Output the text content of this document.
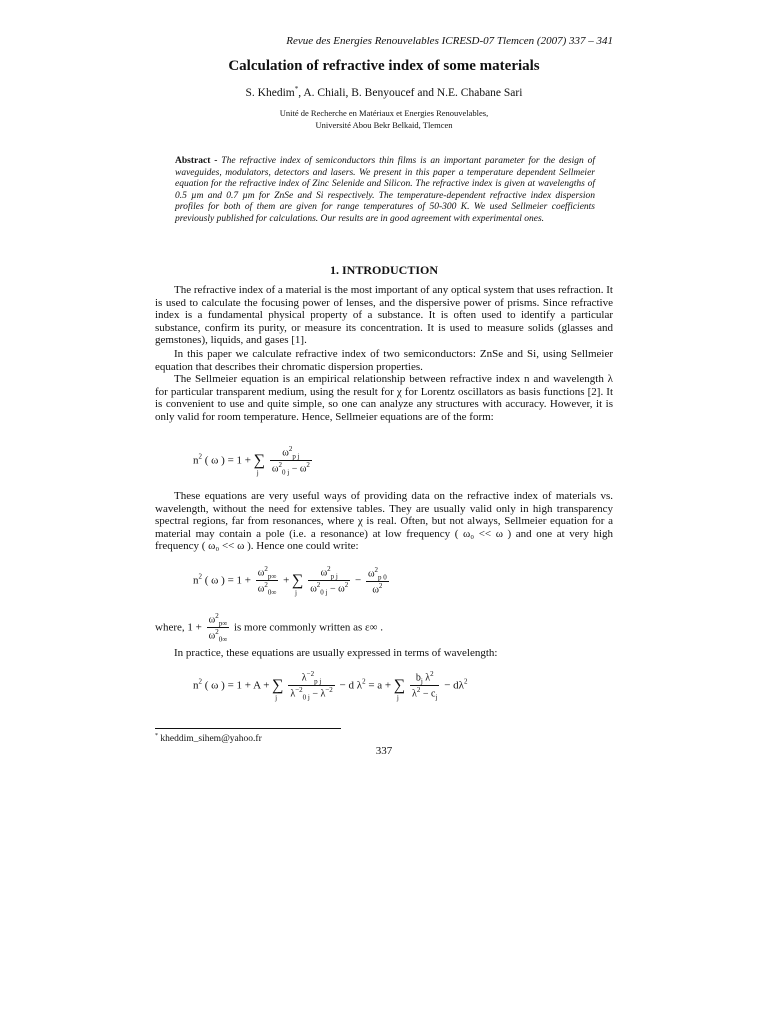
Revue des Energies Renouvelables ICRESD-07 Tlemcen (2007) 337 – 341
Calculation of refractive index of some materials
S. Khedim*, A. Chiali, B. Benyoucef and N.E. Chabane Sari
Unité de Recherche en Matériaux et Energies Renouvelables,
Université Abou Bekr Belkaid, Tlemcen
Abstract - The refractive index of semiconductors thin films is an important parameter for the design of waveguides, modulators, detectors and lasers. We present in this paper a temperature dependent Sellmeier equation for the refractive index of Zinc Selenide and Silicon. The refractive index is given at wavelengths of 0.5 µm and 0.7 µm for ZnSe and Si respectively. The temperature-dependent refractive index dispersion profiles for both of them are given for range temperatures of 50-300 K. We used Sellmeier coefficients previously published for calculations. Our results are in good agreement with experimental ones.
1. INTRODUCTION
The refractive index of a material is the most important of any optical system that uses refraction. It is used to calculate the focusing power of lenses, and the dispersive power of prisms. Since refractive index is a fundamental physical property of a substance. It is often used to identify a particular substance, confirm its purity, or measure its concentration. It is used to measure solids (glasses and gemstones), liquids, and gases [1].
In this paper we calculate refractive index of two semiconductors: ZnSe and Si, using Sellmeier equation that describes their chromatic dispersion properties.
The Sellmeier equation is an empirical relationship between refractive index n and wavelength λ for particular transparent medium, using the result for χ for Lorentz oscillators as basis functions [2]. It is convenient to use and quite simple, so one can analyze any structures with accuracy. However, it is only valid for room temperature. Hence, Sellmeier equations are of the form:
$n^2$ ( ω ) = 1 + ∑
j
$\frac{\omega^2_{p j}}{\omega^2_{0 j} - \omega^2}$
These equations are very useful ways of providing data on the refractive index of materials vs. wavelength, without the need for extensive tables. They are usually valid only in high transparency spectral regions, far from resonances, where χ is real. Often, but not always, Sellmeier equation for a material may contain a pole (i.e. a resonance) at low frequency ( ω₀ << ω ) and one at very high frequency ( ω₀ << ω ). Hence one could write:
$n^2$ ( ω ) = $1 + \frac{\omega^2_{p\infty}}{\omega^2_{0\infty}}$ + ∑
j
$\frac{\omega^2_{p j}}{\omega^2_{0 j} - \omega^2} - \frac{\omega^2_{p 0}}{\omega^2}$
where, $1 + \frac{\omega^2_{p\infty}}{\omega^2_{0\infty}}$ is more commonly written as ε∞ .
In practice, these equations are usually expressed in terms of wavelength:
$n^2$ ( ω ) = 1 + A + ∑
j
$\frac{\lambda^{-2}_{p j}}{\lambda^{-2}_{0 j} - \lambda^{-2}} - d$ $\lambda^2 = a$ + ∑
j
$\frac{b_j \lambda^2}{\lambda^2 - c_j} - d\lambda^2$
* kheddim_sihem@yahoo.fr
337
